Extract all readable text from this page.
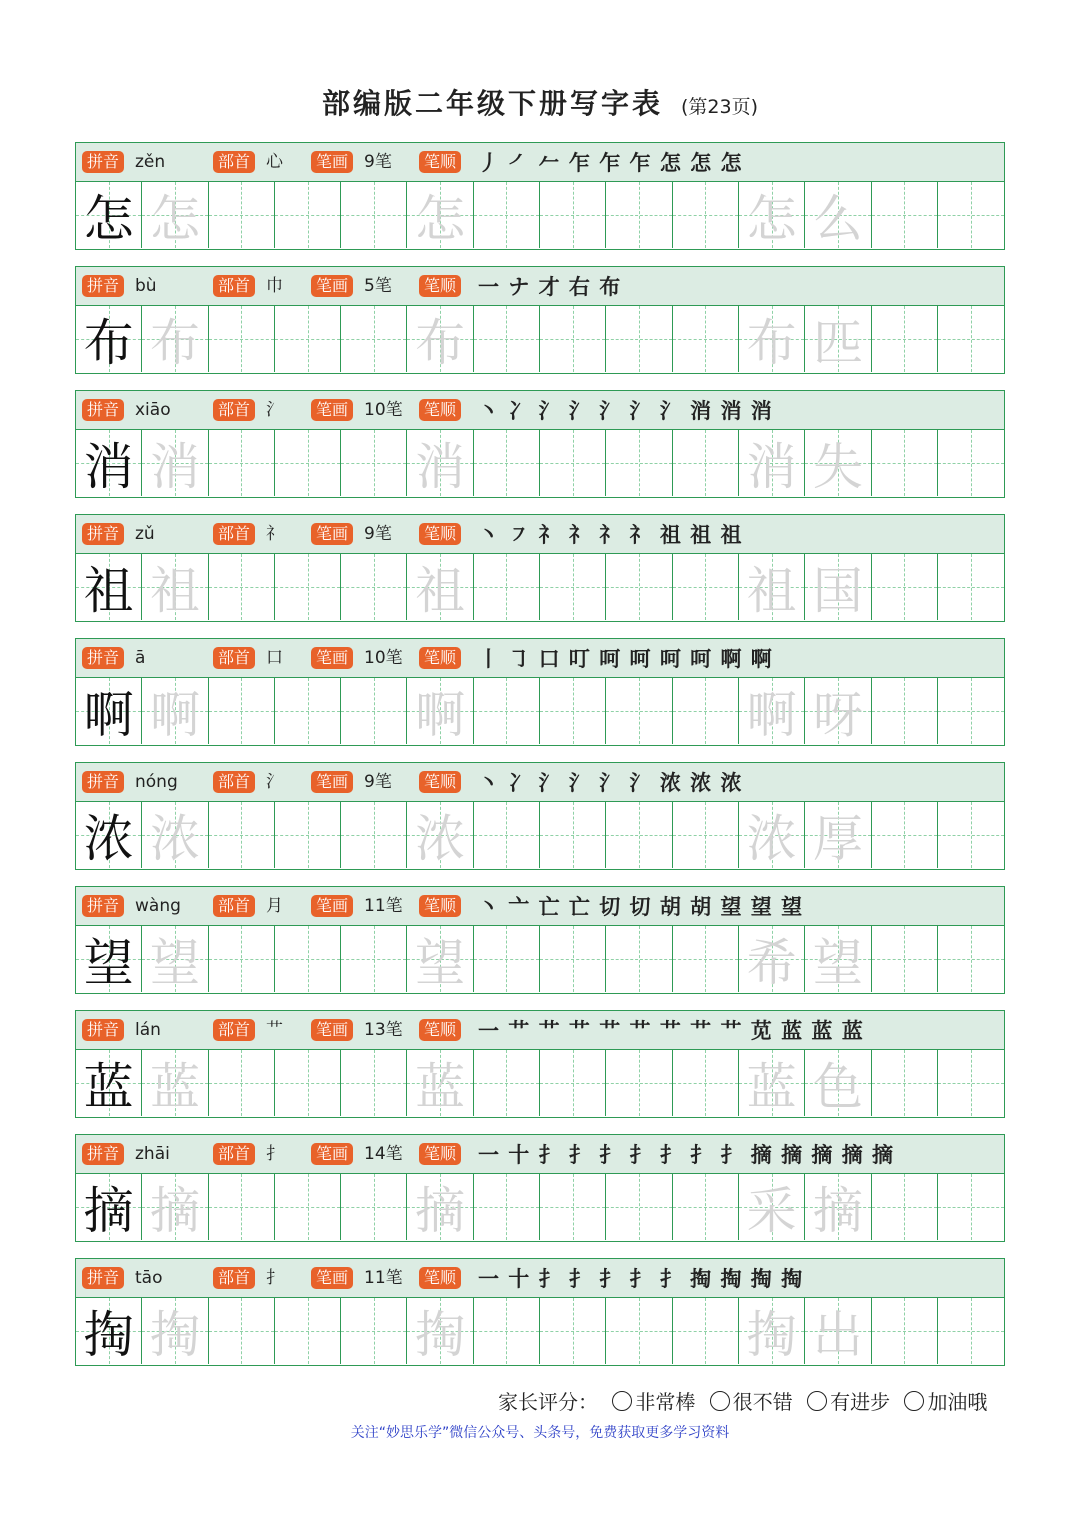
部编版二年级下册写字表 (第23页)
拼音 zěn	部首 心	笔画 9笔	笔顺 丿 ㇒ 𠂉 乍 乍 乍 怎 怎 怎
怎 怎	怎	怎 么
拼音 bù	部首 巾	笔画 5笔	笔顺 一 ナ 才 右 布
布 布	布	布 匹
拼音 xiāo	部首 氵	笔画 10笔	笔顺 丶 冫 氵 氵 氵 氵 氵 消 消 消
消 消	消	消 失
拼音 zǔ	部首 礻	笔画 9笔	笔顺 丶 ㇇ 礻 礻 礻 礻 祖 祖 祖
祖 祖	祖	祖 国
拼音 ā	部首 口	笔画 10笔	笔顺 丨 ㇆ 口 叮 呵 呵 呵 呵 啊 啊
啊 啊	啊	啊 呀
拼音 nóng	部首 氵	笔画 9笔	笔顺 丶 冫 氵 氵 氵 氵 浓 浓 浓
浓 浓	浓	浓 厚
拼音 wàng	部首 月	笔画 11笔	笔顺 丶 亠 亡 亡 切 切 胡 胡 望 望 望
望 望	望	希 望
拼音 lán	部首 艹	笔画 13笔	笔顺 一 艹 艹 艹 艹 艹 艹 艹 艹 苋 蓝 蓝 蓝
蓝 蓝	蓝	蓝 色
拼音 zhāi	部首 扌	笔画 14笔	笔顺 一 十 扌 扌 扌 扌 扌 扌 扌 摘 摘 摘 摘 摘
摘 摘	摘	采 摘
拼音 tāo	部首 扌	笔画 11笔	笔顺 一 十 扌 扌 扌 扌 扌 掏 掏 掏 掏
掏 掏	掏	掏 出
家长评分： 非常棒 很不错 有进步 加油哦
关注“妙思乐学”微信公众号、头条号，免费获取更多学习资料
